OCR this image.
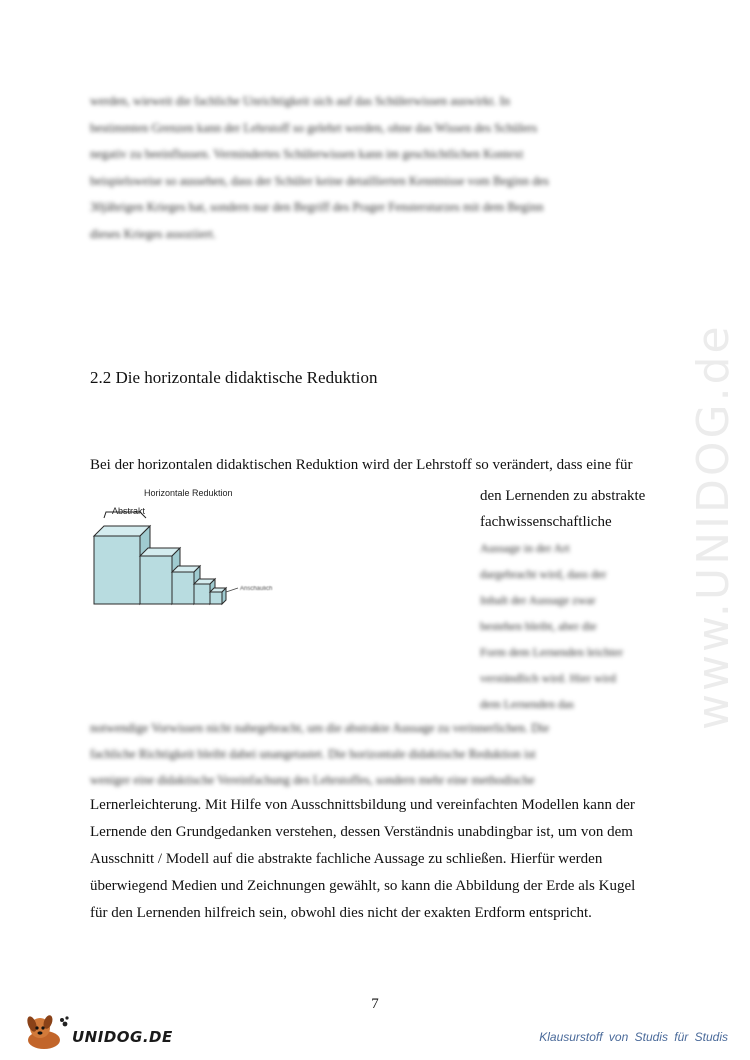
www.UNIDOG.de
werden, wieweit die fachliche Unrichtigkeit sich auf das Schülerwissen auswirkt. In
bestimmten Grenzen kann der Lehrstoff so gelehrt werden, ohne das Wissen des Schülers
negativ zu beeinflussen. Vermindertes Schülerwissen kann im geschichtlichen Kontext
beispielsweise so aussehen, dass der Schüler keine detaillierten Kenntnisse vom Beginn des
30jährigen Krieges hat, sondern nur den Begriff des Prager Fenstersturzes mit dem Beginn
dieses Krieges assoziiert.
2.2 Die horizontale didaktische Reduktion
Bei der horizontalen didaktischen Reduktion wird der Lehrstoff so verändert, dass eine für
Horizontale Reduktion
Abstrakt
Anschaulich
den Lernenden zu abstrakte
fachwissenschaftliche
Aussage in der Art
dargebracht wird, dass der
Inhalt der Aussage zwar
bestehen bleibt, aber die
Form dem Lernenden leichter
verständlich wird. Hier wird
dem Lernenden das
notwendige Vorwissen nicht nahegebracht, um die abstrakte Aussage zu verinnerlichen. Die
fachliche Richtigkeit bleibt dabei unangetastet. Die horizontale didaktische Reduktion ist
weniger eine didaktische Vereinfachung des Lehrstoffes, sondern mehr eine methodische
Lernerleichterung. Mit Hilfe von Ausschnittsbildung und vereinfachten Modellen kann der
Lernende den Grundgedanken verstehen, dessen Verständnis unabdingbar ist, um von dem
Ausschnitt / Modell auf die abstrakte fachliche Aussage zu schließen. Hierfür werden
überwiegend Medien und Zeichnungen gewählt, so kann die Abbildung der Erde als Kugel
für den Lernenden hilfreich sein, obwohl dies nicht der exakten Erdform entspricht.
7
UNIDOG.DE	Klausurstoff von Studis für Studis
